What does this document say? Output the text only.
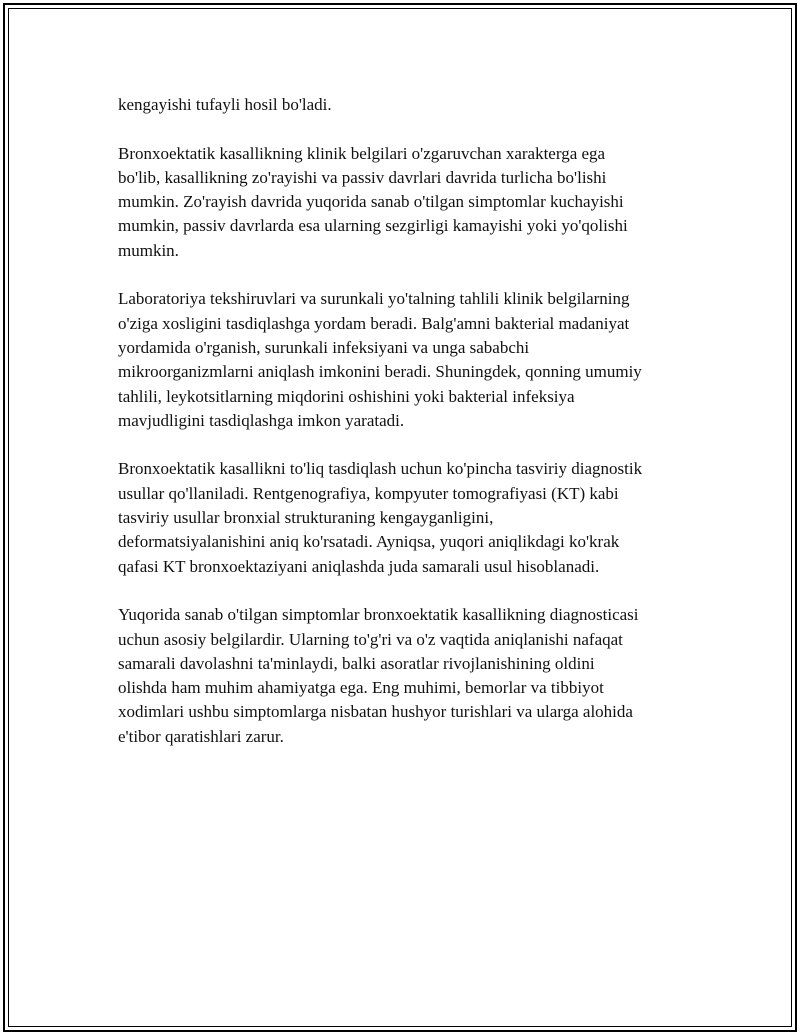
kengayishi tufayli hosil bo'ladi.

Bronxoektatik kasallikning klinik belgilari o'zgaruvchan xarakterga ega
bo'lib, kasallikning zo'rayishi va passiv davrlari davrida turlicha bo'lishi
mumkin. Zo'rayish davrida yuqorida sanab o'tilgan simptomlar kuchayishi
mumkin, passiv davrlarda esa ularning sezgirligi kamayishi yoki yo'qolishi
mumkin.

Laboratoriya tekshiruvlari va surunkali yo'talning tahlili klinik belgilarning
o'ziga xosligini tasdiqlashga yordam beradi. Balg'amni bakterial madaniyat
yordamida o'rganish, surunkali infeksiyani va unga sababchi
mikroorganizmlarni aniqlash imkonini beradi. Shuningdek, qonning umumiy
tahlili, leykotsitlarning miqdorini oshishini yoki bakterial infeksiya
mavjudligini tasdiqlashga imkon yaratadi.

Bronxoektatik kasallikni to'liq tasdiqlash uchun ko'pincha tasviriy diagnostik
usullar qo'llaniladi. Rentgenografiya, kompyuter tomografiyasi (KT) kabi
tasviriy usullar bronxial strukturaning kengayganligini,
deformatsiyalanishini aniq ko'rsatadi. Ayniqsa, yuqori aniqlikdagi ko'krak
qafasi KT bronxoektaziyani aniqlashda juda samarali usul hisoblanadi.

Yuqorida sanab o'tilgan simptomlar bronxoektatik kasallikning diagnosticasi
uchun asosiy belgilardir. Ularning to'g'ri va o'z vaqtida aniqlanishi nafaqat
samarali davolashni ta'minlaydi, balki asoratlar rivojlanishining oldini
olishda ham muhim ahamiyatga ega. Eng muhimi, bemorlar va tibbiyot
xodimlari ushbu simptomlarga nisbatan hushyor turishlari va ularga alohida
e'tibor qaratishlari zarur.
